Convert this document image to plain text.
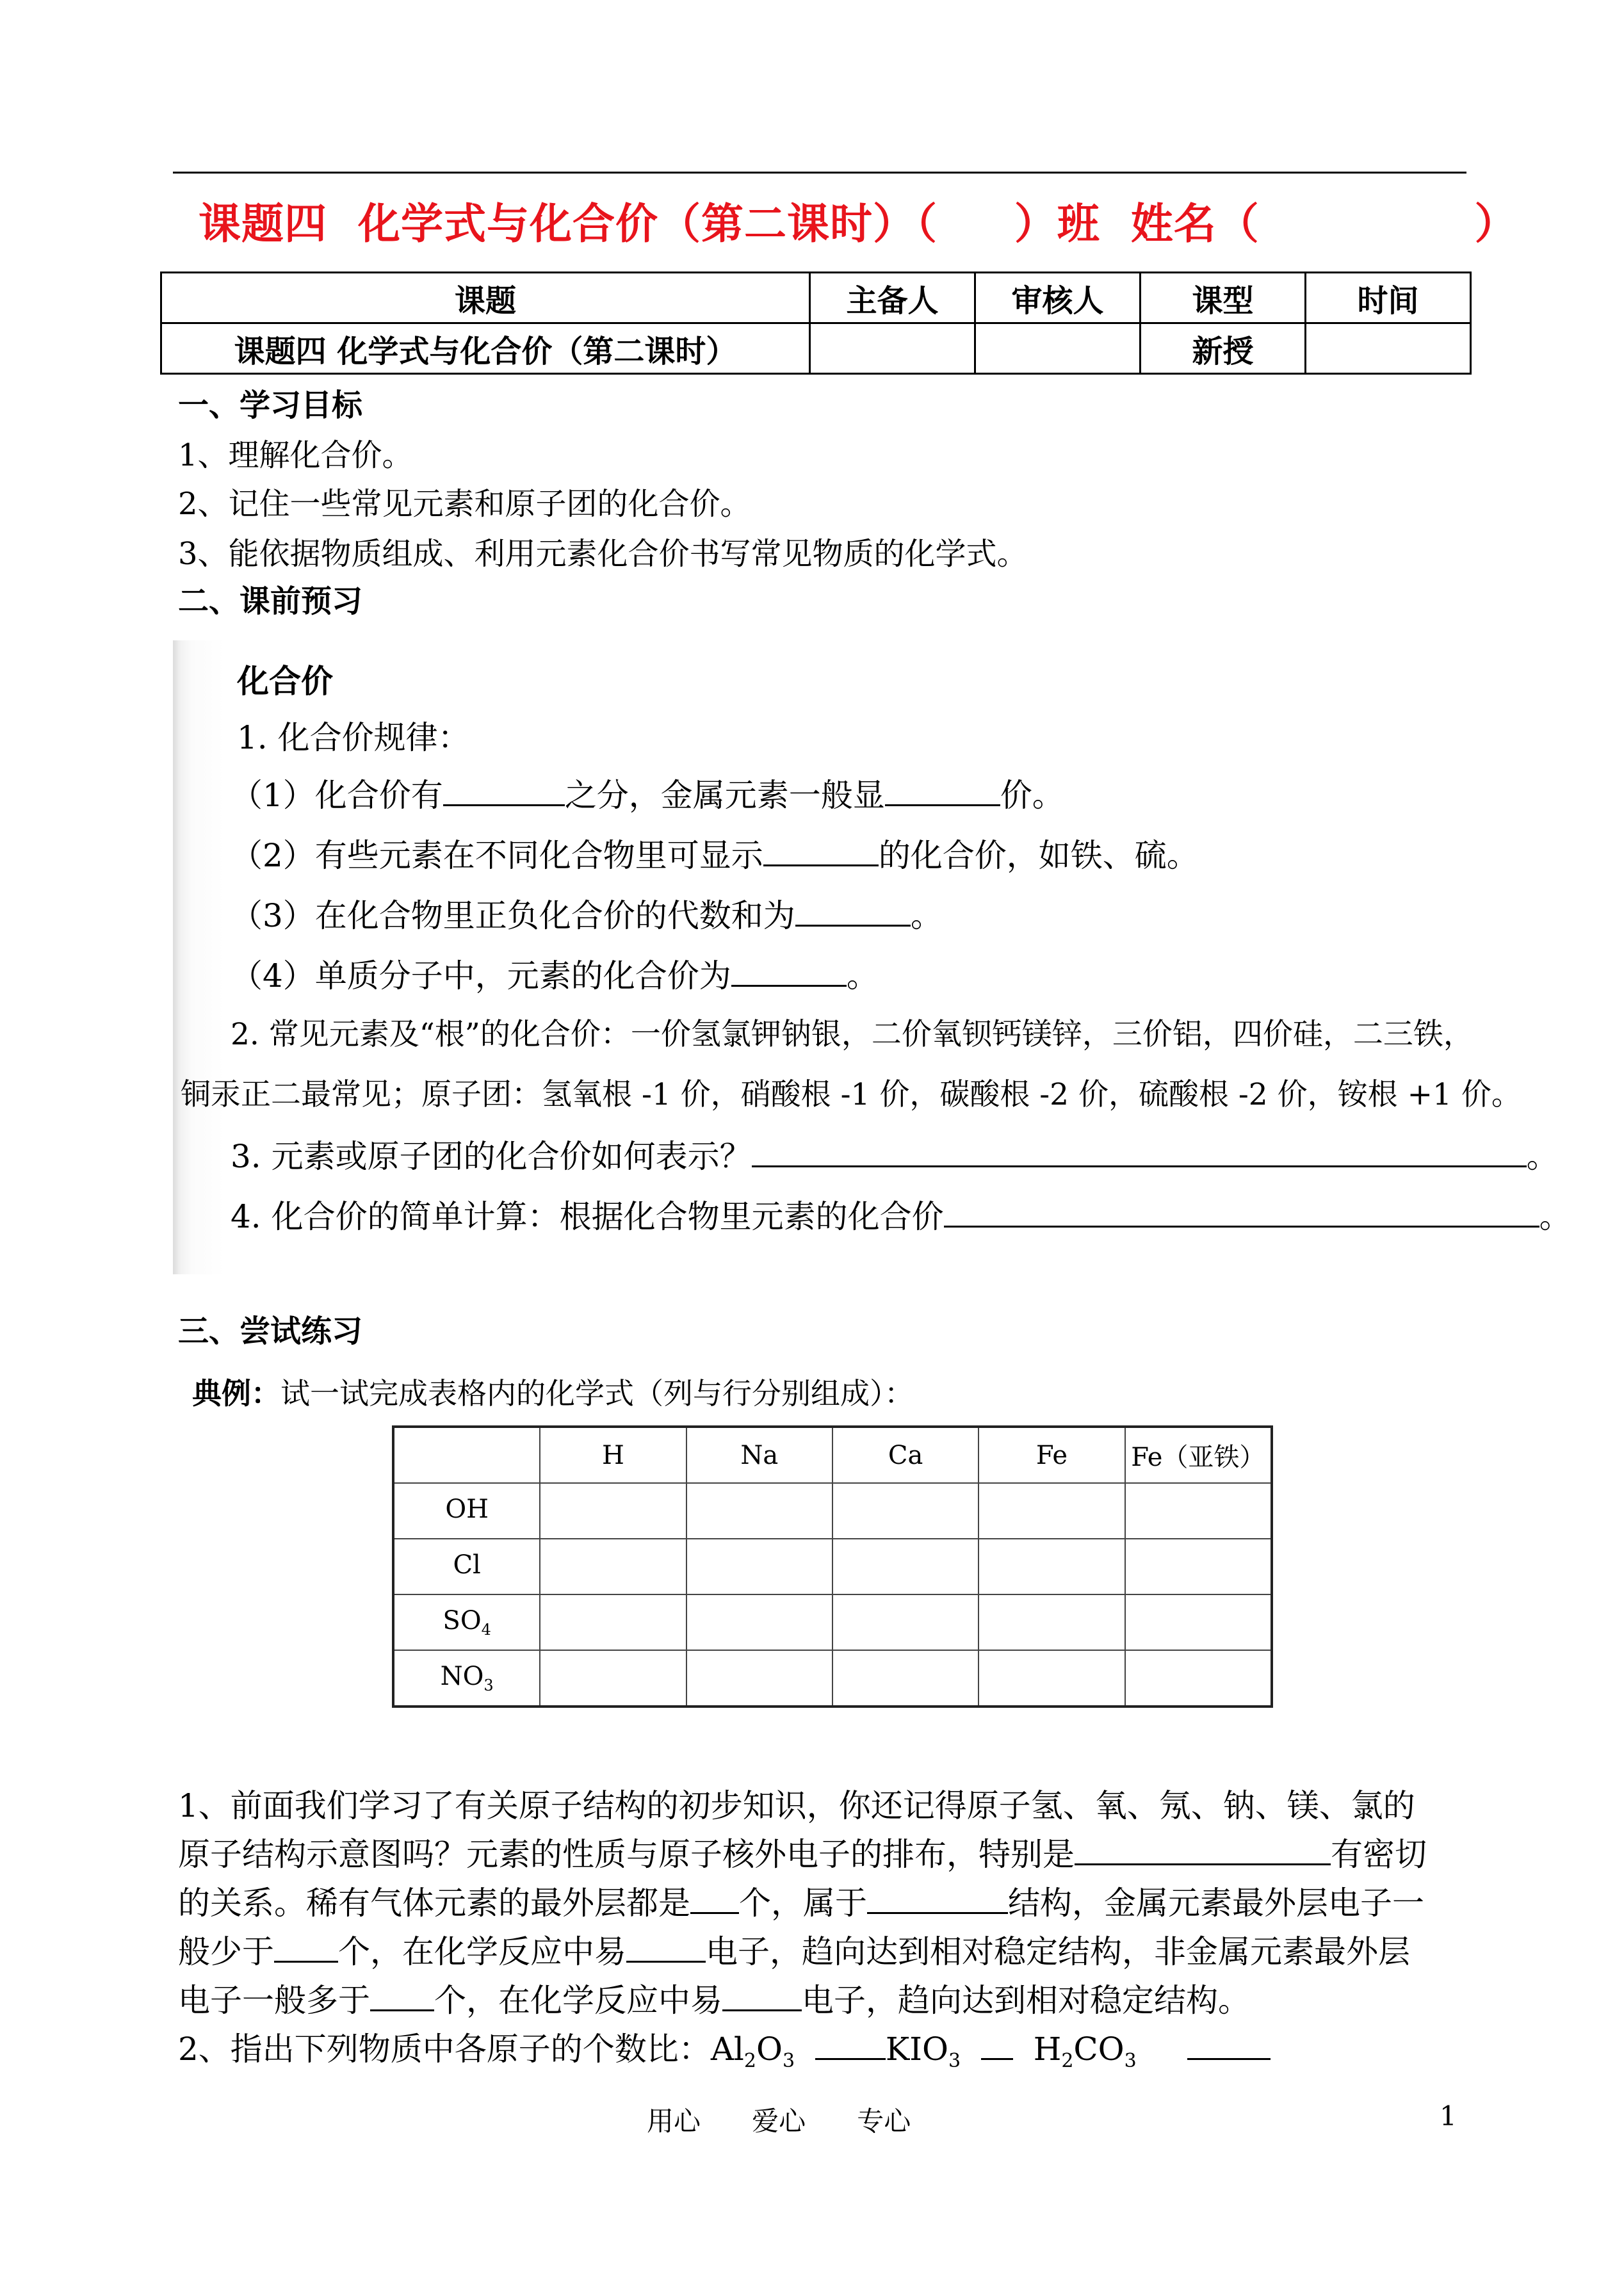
课题四  化学式与化合价（第二课时）（     ）班  姓名（              ）
课题	主备人	审核人	课型	时间
课题四 化学式与化合价（第二课时）			新授	
一、学习目标
1、理解化合价。
2、记住一些常见元素和原子团的化合价。
3、能依据物质组成、利用元素化合价书写常见物质的化学式。
二、课前预习
化合价
1. 化合价规律：
（1）化合价有	之分，金属元素一般显	价。
（2）有些元素在不同化合物里可显示	的化合价，如铁、硫。
（3）在化合物里正负化合价的代数和为	。
（4）单质分子中，元素的化合价为	。
2. 常见元素及“根”的化合价：一价氢氯钾钠银，二价氧钡钙镁锌，三价铝，四价硅，二三铁，
铜汞正二最常见；原子团：氢氧根 -1 价，硝酸根 -1 价，碳酸根 -2 价，硫酸根 -2 价，铵根 +1 价。
3. 元素或原子团的化合价如何表示？	。
4. 化合价的简单计算：根据化合物里元素的化合价	。
三、尝试练习
典例：试一试完成表格内的化学式（列与行分别组成）：
	H	Na	Ca	Fe	Fe（亚铁）
OH					
Cl					
$SO_4$					
$NO_3$					
1、前面我们学习了有关原子结构的初步知识，你还记得原子氢、氧、氖、钠、镁、氯的
原子结构示意图吗？元素的性质与原子核外电子的排布，特别是	有密切
的关系。稀有气体元素的最外层都是 个，属于	结构，金属元素最外层电子一
般少于 个，在化学反应中易 电子，趋向达到相对稳定结构，非金属元素最外层
电子一般多于 个，在化学反应中易 电子，趋向达到相对稳定结构。
2、指出下列物质中各原子的个数比：$Al_2O_3$	$KIO_3$ $H_2CO_3$
用心      爱心      专心	1
